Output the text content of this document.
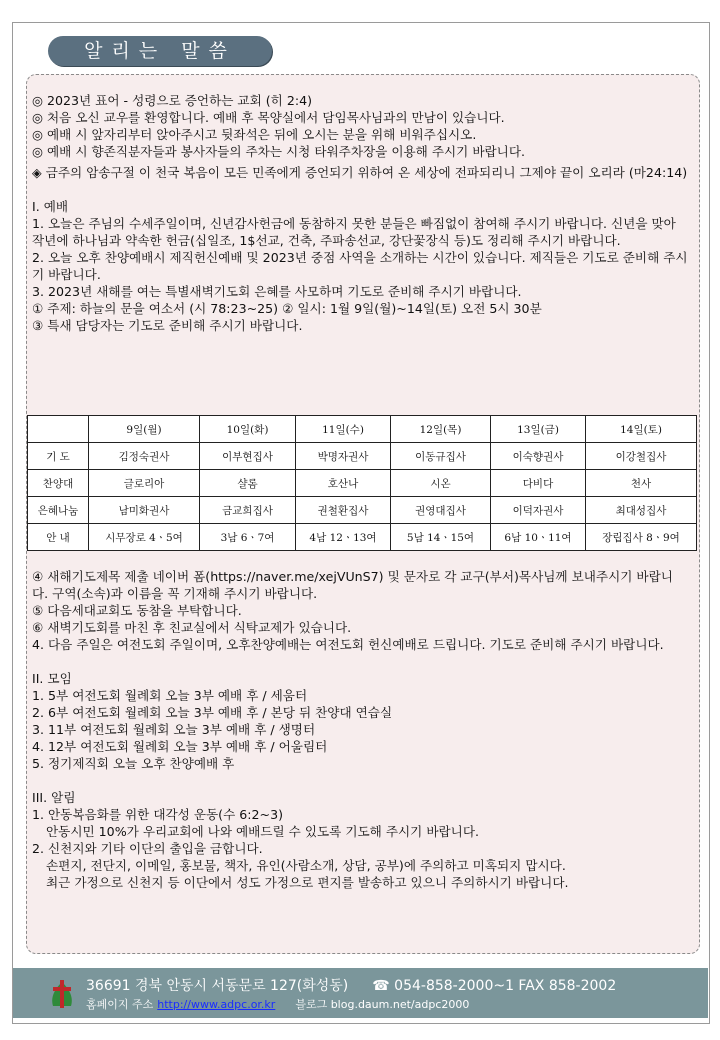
알리는 말씀

◎ 2023년 표어 - 성령으로 증언하는 교회 (히 2:4)

◎ 처음 오신 교우를 환영합니다. 예배 후 목양실에서 담임목사님과의 만남이 있습니다.

◎ 예배 시 앞자리부터 앉아주시고 뒷좌석은 뒤에 오시는 분을 위해 비워주십시오.

◎ 예배 시 향존직분자들과 봉사자들의 주차는 시청 타워주차장을 이용해 주시기 바랍니다.

◈ 금주의 암송구절 이 천국 복음이 모든 민족에게 증언되기 위하여 온 세상에 전파되리니 그제야 끝이 오리라 (마24:14)

I. 예배

1. 오늘은 주님의 수세주일이며, 신년감사헌금에 동참하지 못한 분들은 빠짐없이 참여해 주시기 바랍니다. 신년을 맞아 작년에 하나님과 약속한 헌금(십일조, 1$선교, 건축, 주파송선교, 강단꽃장식 등)도 정리해 주시기 바랍니다.

2. 오늘 오후 찬양예배시 제직헌신예배 및 2023년 중점 사역을 소개하는 시간이 있습니다. 제직들은 기도로 준비해 주시기 바랍니다.

3. 2023년 새해를 여는 특별새벽기도회 은혜를 사모하며 기도로 준비해 주시기 바랍니다.

① 주제: 하늘의 문을 여소서 (시 78:23~25) ② 일시: 1월 9일(월)~14일(토) 오전 5시 30분

③ 특새 담당자는 기도로 준비해 주시기 바랍니다.

	9일(월)	10일(화)	11일(수)	12일(목)	13일(금)	14일(토)
기 도	김정숙권사	이부현집사	박명자권사	이동규집사	이숙향권사	이강철집사
찬양대	글로리아	샬롬	호산나	시온	다비다	천사
은혜나눔	남미화권사	금교희집사	권철환집사	권영대집사	이덕자권사	최대성집사
안 내	시무장로 4ㆍ5여	3남 6ㆍ7여	4남 12ㆍ13여	5남 14ㆍ15여	6남 10ㆍ11여	장립집사 8ㆍ9여

④ 새해기도제목 제출 네이버 폼(https://naver.me/xejVUnS7) 및 문자로 각 교구(부서)목사님께 보내주시기 바랍니다. 구역(소속)과 이름을 꼭 기재해 주시기 바랍니다.

⑤ 다음세대교회도 동참을 부탁합니다.

⑥ 새벽기도회를 마친 후 친교실에서 식탁교제가 있습니다.

4. 다음 주일은 여전도회 주일이며, 오후찬양예배는 여전도회 헌신예배로 드립니다. 기도로 준비해 주시기 바랍니다.

II. 모임

1. 5부 여전도회 월례회 오늘 3부 예배 후 / 세움터

2. 6부 여전도회 월례회 오늘 3부 예배 후 / 본당 뒤 찬양대 연습실

3. 11부 여전도회 월례회 오늘 3부 예배 후 / 생명터

4. 12부 여전도회 월례회 오늘 3부 예배 후 / 어울림터

5. 정기제직회 오늘 오후 찬양예배 후

III. 알림

1. 안동복음화를 위한 대각성 운동(수 6:2~3)

안동시민 10%가 우리교회에 나와 예배드릴 수 있도록 기도해 주시기 바랍니다.

2. 신천지와 기타 이단의 출입을 금합니다.

손편지, 전단지, 이메일, 홍보물, 책자, 유인(사람소개, 상담, 공부)에 주의하고 미혹되지 맙시다.

최근 가정으로 신천지 등 이단에서 성도 가정으로 편지를 발송하고 있으니 주의하시기 바랍니다.

36691 경북 안동시 서동문로 127(화성동) ☎ 054-858-2000~1 FAX 858-2002
홈페이지 주소 http://www.adpc.or.kr 블로그 blog.daum.net/adpc2000
